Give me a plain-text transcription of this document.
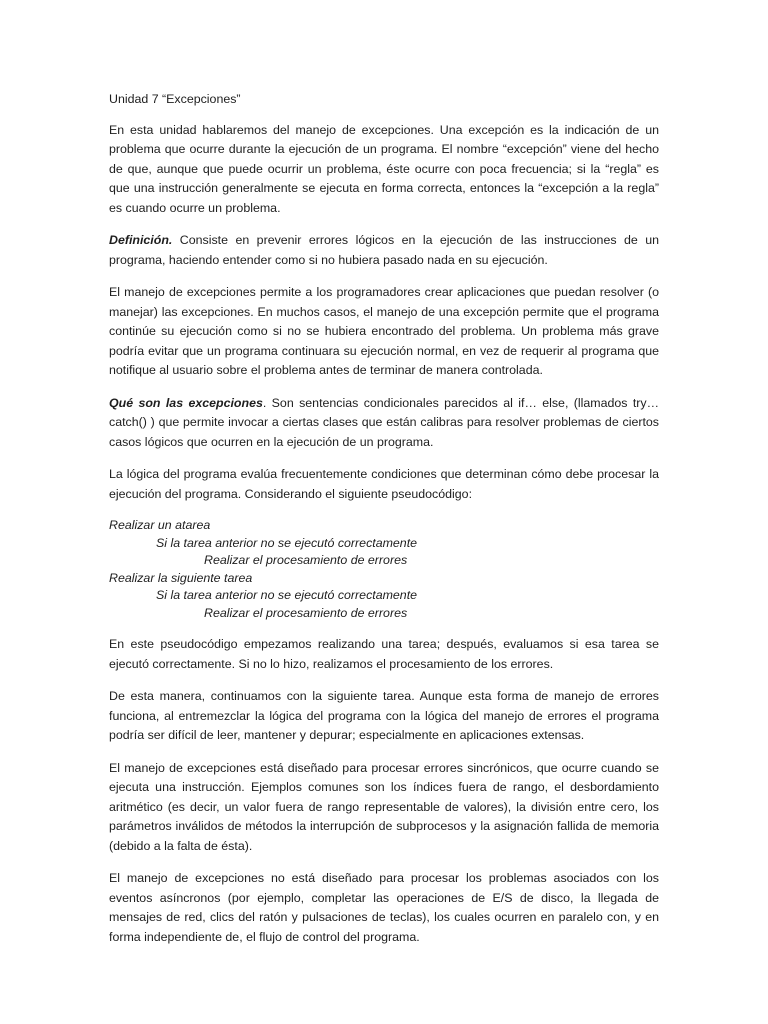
Unidad 7 “Excepciones”

En esta unidad hablaremos del manejo de excepciones. Una excepción es la indicación de un problema que ocurre durante la ejecución de un programa. El nombre “excepción” viene del hecho de que, aunque que puede ocurrir un problema, éste ocurre con poca frecuencia; si la “regla” es que una instrucción generalmente se ejecuta en forma correcta, entonces la “excepción a la regla” es cuando ocurre un problema.

Definición. Consiste en prevenir errores lógicos en la ejecución de las instrucciones de un programa, haciendo entender como si no hubiera pasado nada en su ejecución.

El manejo de excepciones permite a los programadores crear aplicaciones que puedan resolver (o manejar) las excepciones. En muchos casos, el manejo de una excepción permite que el programa continúe su ejecución como si no se hubiera encontrado del problema. Un problema más grave podría evitar que un programa continuara su ejecución normal, en vez de requerir al programa que notifique al usuario sobre el problema antes de terminar de manera controlada.

Qué son las excepciones. Son sentencias condicionales parecidos al if… else, (llamados try… catch() ) que permite invocar a ciertas clases que están calibras para resolver problemas de ciertos casos lógicos que ocurren en la ejecución de un programa.

La lógica del programa evalúa frecuentemente condiciones que determinan cómo debe procesar la ejecución del programa. Considerando el siguiente pseudocódigo:

Realizar un atarea
Si la tarea anterior no se ejecutó correctamente
Realizar el procesamiento de errores
Realizar la siguiente tarea
Si la tarea anterior no se ejecutó correctamente
Realizar el procesamiento de errores

En este pseudocódigo empezamos realizando una tarea; después, evaluamos si esa tarea se ejecutó correctamente. Si no lo hizo, realizamos el procesamiento de los errores.

De esta manera, continuamos con la siguiente tarea. Aunque esta forma de manejo de errores funciona, al entremezclar la lógica del programa con la lógica del manejo de errores el programa podría ser difícil de leer, mantener y depurar; especialmente en aplicaciones extensas.

El manejo de excepciones está diseñado para procesar errores sincrónicos, que ocurre cuando se ejecuta una instrucción. Ejemplos comunes son los índices fuera de rango, el desbordamiento aritmético (es decir, un valor fuera de rango representable de valores), la división entre cero, los parámetros inválidos de métodos la interrupción de subprocesos y la asignación fallida de memoria (debido a la falta de ésta).

El manejo de excepciones no está diseñado para procesar los problemas asociados con los eventos asíncronos (por ejemplo, completar las operaciones de E/S de disco, la llegada de mensajes de red, clics del ratón y pulsaciones de teclas), los cuales ocurren en paralelo con, y en forma independiente de, el flujo de control del programa.
